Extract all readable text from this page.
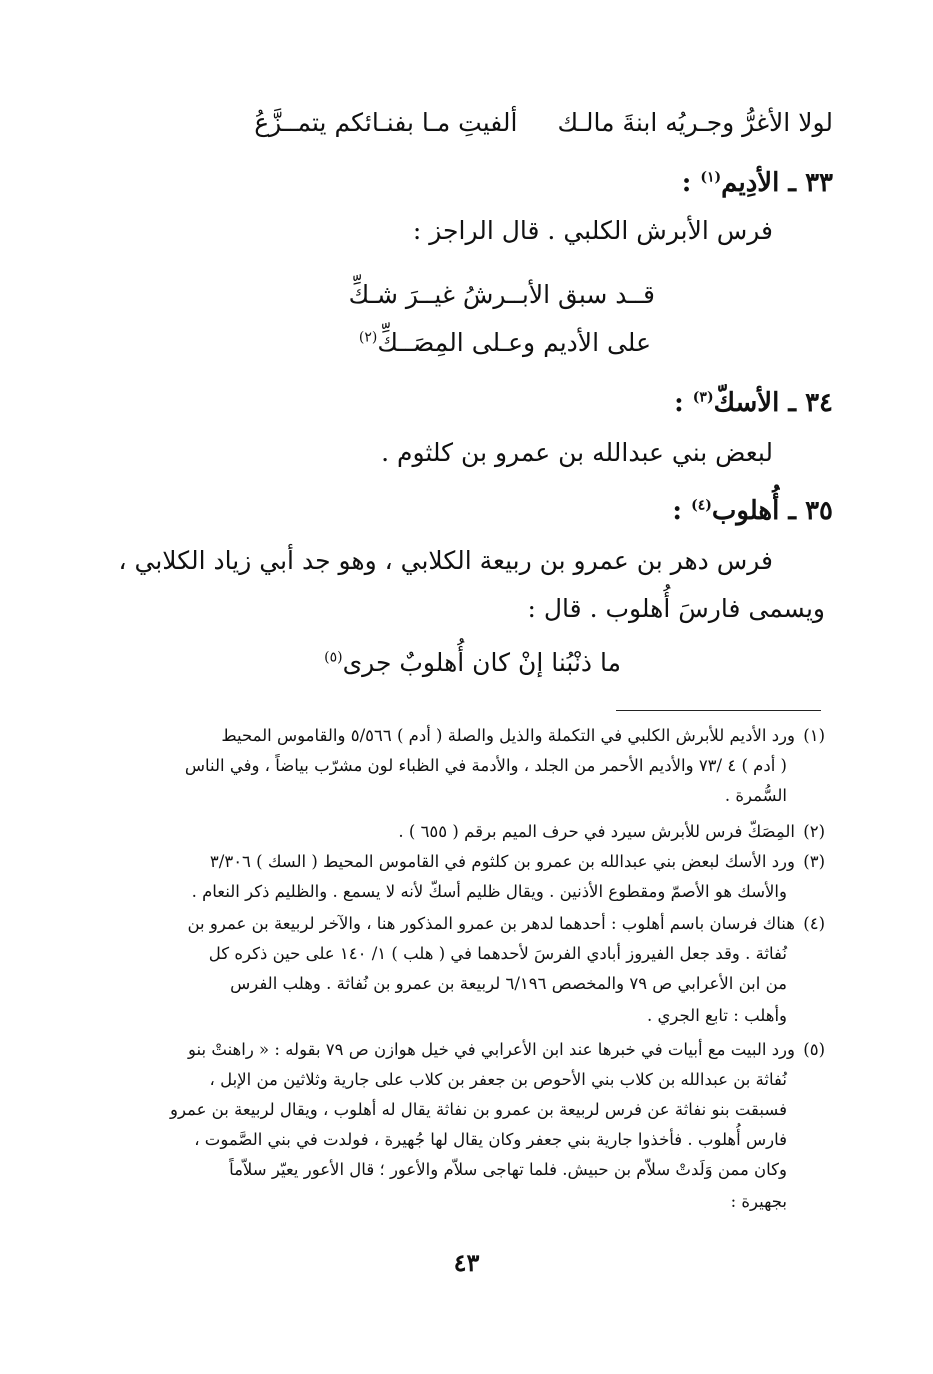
لولا الأغرُّ وجـريُه ابنةَ مالـكألفيتِ مـا بفنـائكم يتمــزَّعُ
٣٣ ـ الأدِيم$^{(١)}$ :
فرس الأبرش الكلبي . قال الراجز :
قــد سبق الأبــرشُ غيــرَ شـكِّ
على الأديم وعـلى المِصَــكِّ$^{(٢)}$
٣٤ ـ الأسكّ$^{(٣)}$ :
لبعض بني عبدالله بن عمرو بن كلثوم .
٣٥ ـ أُهلوب$^{(٤)}$ :
فرس دهر بن عمرو بن ربيعة الكلابي ، وهو جد أبي زياد الكلابي ،
ويسمى فارسَ أُهلوب . قال :
ما ذنْبُنا إنْ كان أُهلوبٌ جرى$^{(٥)}$
(١)ورد الأديم للأبرش الكلبي في التكملة والذيل والصلة ( أدم ) ٥/٥٦٦ والقاموس المحيط
( أدم ) ٤ /٧٣ والأديم الأحمر من الجلد ، والأدمة في الظباء لون مشرّب بياضاً ، وفي الناس
السُّمرة .
(٢)المِصَكّ فرس للأبرش سيرد في حرف الميم برقم ( ٦٥٥ ) .
(٣)ورد الأسك لبعض بني عبدالله بن عمرو بن كلثوم في القاموس المحيط ( السك ) ٣/٣٠٦
والأسك هو الأصمّ ومقطوع الأذنين . ويقال ظليم أسكّ لأنه لا يسمع . والظليم ذكر النعام .
(٤)هناك فرسان باسم أهلوب : أحدهما لدهر بن عمرو المذكور هنا ، والآخر لربيعة بن عمرو بن
نُفاثة . وقد جعل الفيروز أبادي الفرسَ لأحدهما في ( هلب ) ١/ ١٤٠ على حين ذكره كل
من ابن الأعرابي ص ٧٩ والمخصص ٦/١٩٦ لربيعة بن عمرو بن نُفاثة . وهلب الفرس
وأهلب : تابع الجري .
(٥)ورد البيت مع أبيات في خبرها عند ابن الأعرابي في خيل هوازن ص ٧٩ بقوله : « راهنتْ بنو
نُفاثة بن عبدالله بن كلاب بني الأحوص بن جعفر بن كلاب على جارية وثلاثين من الإبل ،
فسبقت بنو نفاثة عن فرس لربيعة بن عمرو بن نفاثة يقال له أهلوب ، ويقال لربيعة بن عمرو
فارس أُهلوب . فأخذوا جارية بني جعفر وكان يقال لها جُهيرة ، فولدت في بني الصَّموت ،
وكان ممن وَلَدتْ سلاّم بن حبيش. فلما تهاجى سلاّم والأعور ؛ قال الأعور يعيّر سلاّماً
بجهيرة :
٤٣
